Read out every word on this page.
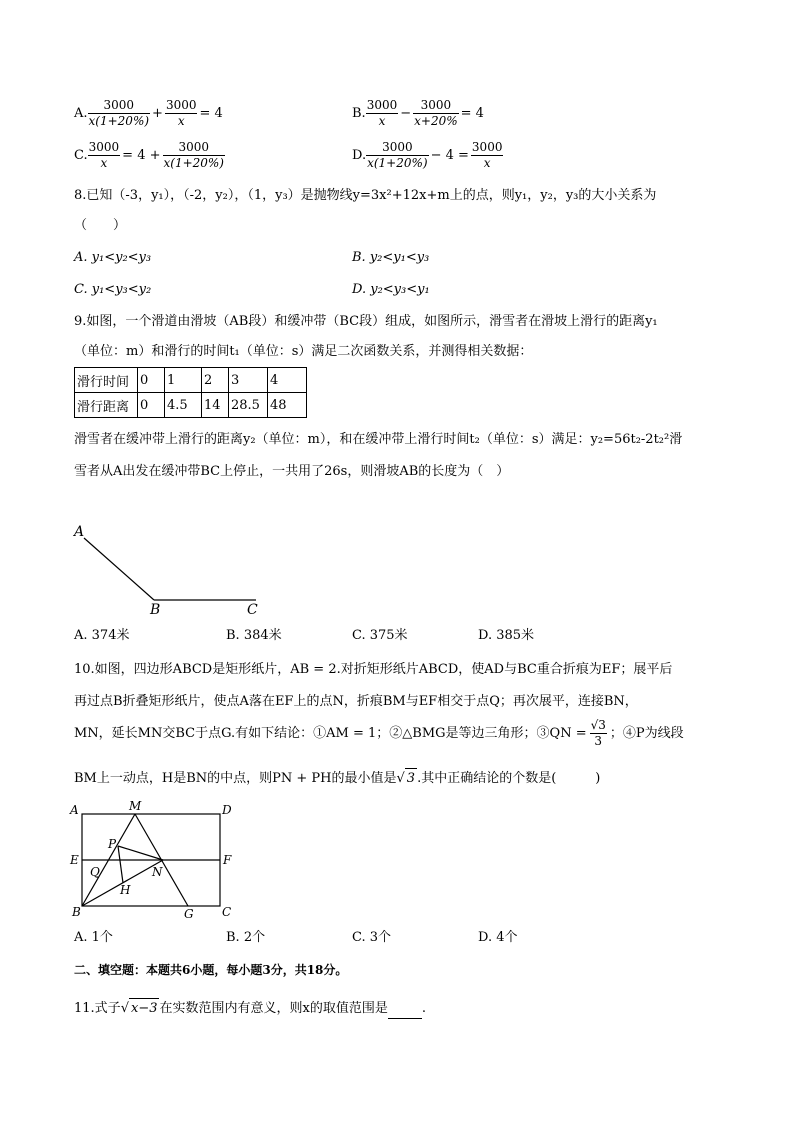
A. $\frac{3000}{x(1+20\%)} + \frac{3000}{x} = 4$	B. $\frac{3000}{x} - \frac{3000}{x+20\%} = 4$
C. $\frac{3000}{x} = 4 + \frac{3000}{x(1+20\%)}$	D. $\frac{3000}{x(1+20\%)} - 4 = \frac{3000}{x}$
8.已知（-3，y₁），（-2，y₂），（1，y₃）是抛物线y=3x²+12x+m上的点，则y₁，y₂，y₃的大小关系为
（　　）
A. y₁<y₂<y₃	B. y₂<y₁<y₃
C. y₁<y₃<y₂	D. y₂<y₃<y₁
9.如图，一个滑道由滑坡（AB段）和缓冲带（BC段）组成，如图所示，滑雪者在滑坡上滑行的距离y₁
（单位：m）和滑行的时间t₁（单位：s）满足二次函数关系，并测得相关数据：
滑行时间	0	1	2	3	4
滑行距离	0	4.5	14	28.5	48
滑雪者在缓冲带上滑行的距离y₂（单位：m），和在缓冲带上滑行时间t₂（单位：s）满足：y₂=56t₂-2t₂²滑
雪者从A出发在缓冲带BC上停止，一共用了26s，则滑坡AB的长度为（　）
A
B	C
A. 374米	B. 384米	C. 375米	D. 385米
10.如图，四边形ABCD是矩形纸片，AB = 2.对折矩形纸片ABCD，使AD与BC重合折痕为EF；展平后
再过点B折叠矩形纸片，使点A落在EF上的点N，折痕BM与EF相交于点Q；再次展平，连接BN，
MN，延长MN交BC于点G.有如下结论：①AM = 1；②△BMG是等边三角形；③QN = $\frac{√3}{3}$ ；④P为线段
BM上一动点，H是BN的中点，则PN + PH的最小值是√ 3 .其中正确结论的个数是(　　　)
A	M	D
P
E	F
Q	N
H
B	G C
A. 1个	B. 2个	C. 3个	D. 4个
二、填空题：本题共6小题，每小题3分，共18分。
11.式子√ x−3 在实数范围内有意义，则x的取值范围是	.
